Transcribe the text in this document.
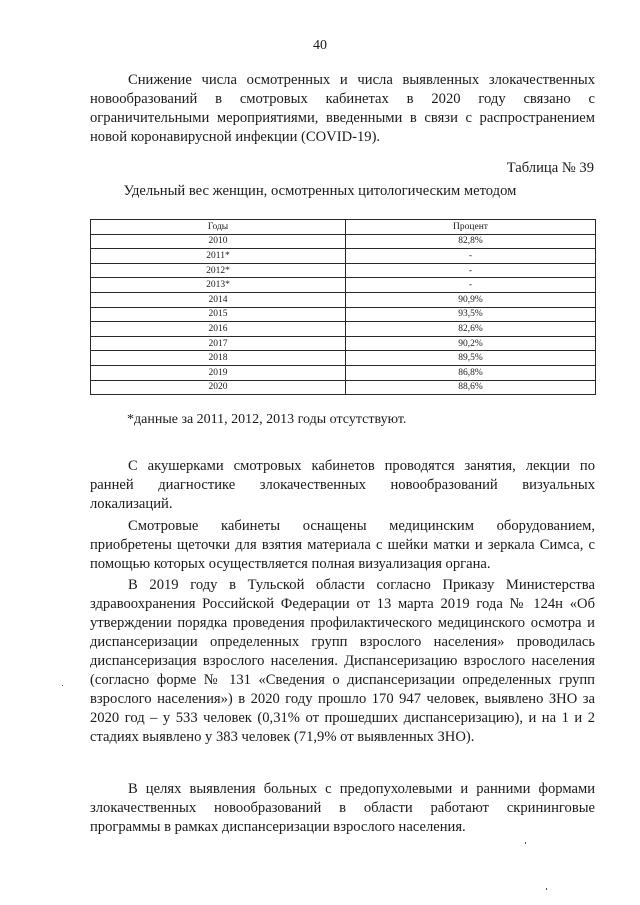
40

Снижение числа осмотренных и числа выявленных злокачественных новообразований в смотровых кабинетах в 2020 году связано с ограничительными мероприятиями, введенными в связи с распространением новой коронавирусной инфекции (COVID-19).

Таблица № 39
Удельный вес женщин, осмотренных цитологическим методом
Годы	Процент
2010	82,8%
2011*	-
2012*	-
2013*	-
2014	90,9%
2015	93,5%
2016	82,6%
2017	90,2%
2018	89,5%
2019	86,8%
2020	88,6%
*данные за 2011, 2012, 2013 годы отсутствуют.

С акушерками смотровых кабинетов проводятся занятия, лекции по ранней диагностике злокачественных новообразований визуальных локализаций.

Смотровые кабинеты оснащены медицинским оборудованием, приобретены щеточки для взятия материала с шейки матки и зеркала Симса, с помощью которых осуществляется полная визуализация органа.

В 2019 году в Тульской области согласно Приказу Министерства здравоохранения Российской Федерации от 13 марта 2019 года № 124н «Об утверждении порядка проведения профилактического медицинского осмотра и диспансеризации определенных групп взрослого населения» проводилась диспансеризация взрослого населения. Диспансеризацию взрослого населения (согласно форме № 131 «Сведения о диспансеризации определенных групп взрослого населения») в 2020 году прошло 170 947 человек, выявлено ЗНО за 2020 год – у 533 человек (0,31% от прошедших диспансеризацию), и на 1 и 2 стадиях выявлено у 383 человек (71,9% от выявленных ЗНО).

В целях выявления больных с предопухолевыми и ранними формами злокачественных новообразований в области работают скрининговые программы в рамках диспансеризации взрослого населения.
